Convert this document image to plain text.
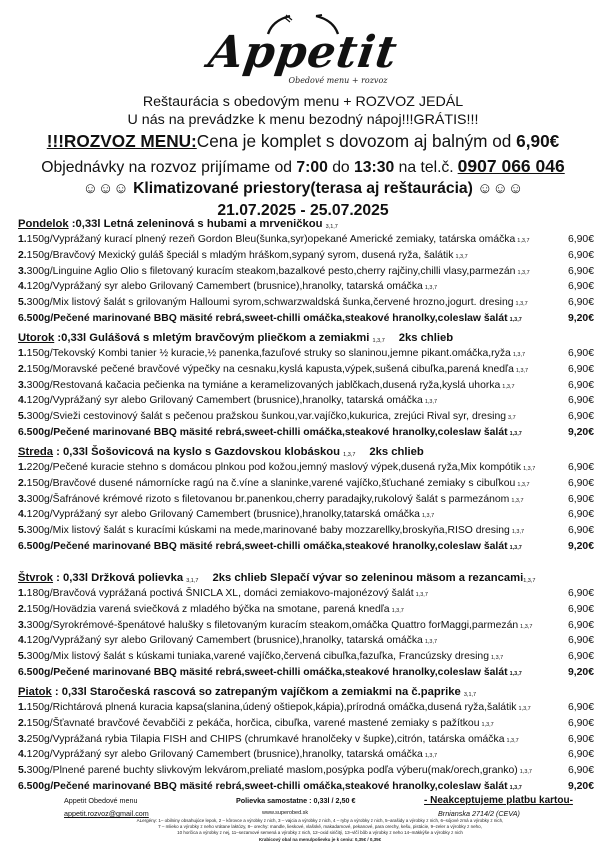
Appetit
Obedové menu + rozvoz
Reštaurácia s obedovým menu + ROZVOZ JEDÁL
U nás na prevádzke k menu bezodný nápoj!!!GRÁTIS!!!
!!!ROZVOZ MENU:Cena je komplet s dovozom aj balným od 6,90€
Objednávky na rozvoz prijímame od 7:00 do 13:30 na tel.č. 0907 066 046
☺☺☺ Klimatizované priestory(terasa aj reštaurácia) ☺☺☺
21.07.2025 - 25.07.2025
Pondelok :0,33l Letná zeleninová s hubami a mrveničkou $_{3,1,7}$
1.150g/Vyprážaný kurací plnený rezeň Gordon Bleu(šunka,syr)opekané Americké zemiaky, tatárska omáčka 1,3,7	6,90€
2.150g/Bravčový Mexický guláš špeciál s mladým hráškom,sypaný syrom, dusená ryža, šalátik 1,3,7	6,90€
3.300g/Linguine Aglio Olio s filetovaný kuracím steakom,bazalkové pesto,cherry rajčiny,chilli vlasy,parmezán 1,3,7	6,90€
4.120g/Vyprážaný syr alebo Grilovaný Camembert (brusnice),hranolky, tatarská omáčka 1,3,7	6,90€
5.300g/Mix listový šalát s grilovaným Halloumi syrom,schwarzwaldská šunka,červené hrozno,jogurt. dresing 1,3,7	6,90€
6.500g/Pečené marinované BBQ mäsité rebrá,sweet-chilli omáčka,steakové hranolky,coleslaw šalát 1,3,7	9,20€
Utorok :0,33l Gulášová s mletým bravčovým pliečkom a zemiakmi $_{1,3,7}$ 2ks chlieb
1.150g/Tekovský Kombi tanier ½ kuracie,½ panenka,fazuľové struky so slaninou,jemne pikant.omáčka,ryža 1,3,7	6,90€
2.150g/Moravské pečené bravčové výpečky na cesnaku,kyslá kapusta,výpek,sušená cibuľka,parená knedľa 1,3,7	6,90€
3.300g/Restovaná kačacia pečienka na tymiáne a keramelizovaných jablčkach,dusená ryža,kyslá uhorka 1,3,7	6,90€
4.120g/Vyprážaný syr alebo Grilovaný Camembert (brusnice),hranolky, tatarská omáčka 1,3,7	6,90€
5.300g/Svieži cestovinový šalát s pečenou pražskou šunkou,var.vajíčko,kukurica, zrejúci Rival syr, dresing 3,7	6,90€
6.500g/Pečené marinované BBQ mäsité rebrá,sweet-chilli omáčka,steakové hranolky,coleslaw šalát 1,3,7	9,20€
Streda : 0,33l Šošovicová na kyslo s Gazdovskou klobáskou $_{1,3,7}$ 2ks chlieb
1.220g/Pečené kuracie stehno s domácou plnkou pod kožou,jemný maslový výpek,dusená ryža,Mix kompótik 1,3,7	6,90€
2.150g/Bravčové dusené námornícke ragú na č.víne a slaninke,varené vajíčko,šťuchané zemiaky s cibuľkou 1,3,7	6,90€
3.300g/Šafránové krémové rizoto s filetovanou br.panenkou,cherry paradajky,rukolový šalát s parmezánom 1,3,7	6,90€
4.120g/Vyprážaný syr alebo Grilovaný Camembert (brusnice),hranolky,tatarská omáčka 1,3,7	6,90€
5.300g/Mix listový šalát s kuracími kúskami na mede,marinované baby mozzarellky,broskyňa,RISO dresing 1,3,7	6,90€
6.500g/Pečené marinované BBQ mäsité rebrá,sweet-chilli omáčka,steakové hranolky,coleslaw šalát 1,3,7	9,20€
Štvrok : 0,33l Držková polievka $_{3,1,7}$ 2ks chlieb Slepačí vývar so zeleninou mäsom a rezancami$_{1,3,7}$
1.180g/Bravčová vyprážaná poctivá ŠNICLA XL, domáci zemiakovo-majonézový šalát 1,3,7	6,90€
2.150g/Hovädzia varená sviečková z mladého býčka na smotane, parená knedľa 1,3,7	6,90€
3.300g/Syrokrémové-špenátové halušky s filetovaným kuracím steakom,omáčka Quattro forMaggi,parmezán 1,3,7	6,90€
4.120g/Vyprážaný syr alebo Grilovaný Camembert (brusnice),hranolky, tatarská omáčka 1,3,7	6,90€
5.300g/Mix listový šalát s kúskami tuniaka,varené vajíčko,červená cibuľka,fazuľka, Francúzsky dresing 1,3,7	6,90€
6.500g/Pečené marinované BBQ mäsité rebrá,sweet-chilli omáčka,steakové hranolky,coleslaw šalát 1,3,7	9,20€
Piatok : 0,33l Staročeská rascová so zatrepaným vajíčkom a zemiakmi na č.paprike $_{3,1,7}$
1.150g/Richtárová plnená kuracia kapsa(slanina,údený oštiepok,kápia),prírodná omáčka,dusená ryža,šalátik 1,3,7	6,90€
2.150g/Šťavnaté bravčové čevabčiči z pekáča, horčica, cibuľka, varené mastené zemiaky s pažítkou 1,3,7	6,90€
3.250g/Vyprážaná rybia Tilapia FISH and CHIPS (chrumkavé hranolčeky v šupke),citrón, tatárska omáčka 1,3,7	6,90€
4.120g/Vyprážaný syr alebo Grilovaný Camembert (brusnice),hranolky, tatarská omáčka 1,3,7	6,90€
5.300g/Plnené parené buchty slivkovým lekvárom,preliaté maslom,posýpka podľa výberu(mak/orech,granko) 1,3,7	6,90€
6.500g/Pečené marinované BBQ mäsité rebrá,sweet-chilli omáčka,steakové hranolky,coleslaw šalát 1,3,7	9,20€
Appetit Obedové menu	Polievka samostatne : 0,33l / 2,50 €	- Neakceptujeme platbu kartou-
appetit.rozvoz@gmail.com	www.superobed.sk	Brnianska 2714/2 (CEVA)
ALergény: 1– obilniny obsahujúce lepok, 2 – kôrovce a výrobky z nich, 3 – vajcia a výrobky z nich, 4 – ryby a výrobky z nich, 5–arašidy a výrobky z nich, 6–sójové zrná a výrobky z nich,
7 – mlieko a výrobky z neho vrátane laktózy, 8– orechy: mandle, lieskové, vlašské, makadamové, pekanové, para orechy, kešu, pistácie, 9–zeler a výrobky z neho,
10 horčica a výrobky z nej, 11–sezamové semená a výrobky z nich, 12–oxid siričitý, 13–vlčí bôb a výrobky z neho 14–mäkkýše a výrobky z nich
Krabicový obal na menu/polievku je k ceniu: 0,35€ / 0,35€
